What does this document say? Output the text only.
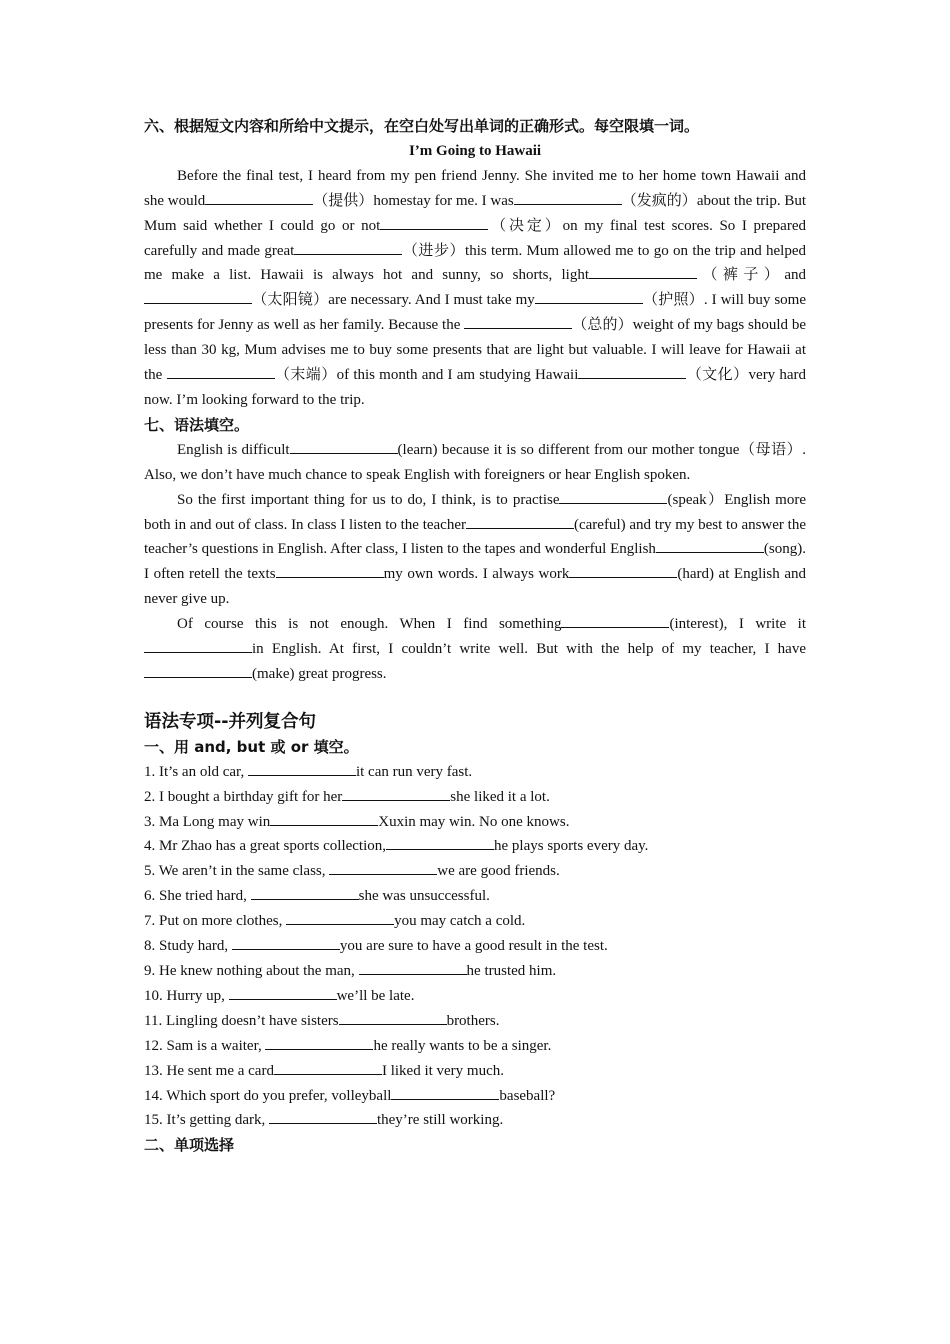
六、根据短文内容和所给中文提示，在空白处写出单词的正确形式。每空限填一词。
I’m Going to Hawaii

Before the final test, I heard from my pen friend Jenny. She invited me to her home town Hawaii and she would	（提供）homestay for me. I was	（发疯的）about the trip. But Mum said whether I could go or not	（决定）on my final test scores. So I prepared carefully and made great	（进步）this term. Mum allowed me to go on the trip and helped me make a list. Hawaii is always hot and sunny, so shorts, light	（裤子）and （太阳镜）are necessary. And I must take my	（护照）. I will buy some presents for Jenny as well as her family. Because the	（总的）weight of my bags should be less than 30 kg, Mum advises me to buy some presents that are light but valuable. I will leave for Hawaii at the	（末端）of this month and I am studying Hawaii	（文化）very hard now. I’m looking forward to the trip.

七、语法填空。

English is difficult	(learn) because it is so different from our mother tongue（母语）. Also, we don’t have much chance to speak English with foreigners or hear English spoken.

So the first important thing for us to do, I think, is to practise	(speak）English more both in and out of class. In class I listen to the teacher	(careful) and try my best to answer the teacher’s questions in English. After class, I listen to the tapes and wonderful English	(song). I often retell the texts	my own words. I always work	(hard) at English and never give up.

Of course this is not enough. When I find something	(interest), I write it in English. At first, I couldn’t write well. But with the help of my teacher, I have(make) great progress.

语法专项--并列复合句
一、用 and, but 或 or 填空。

1. It’s an old car,	it can run very fast.

2. I bought a birthday gift for her	she liked it a lot.

3. Ma Long may win	Xuxin may win. No one knows.

4. Mr Zhao has a great sports collection,	he plays sports every day.

5. We aren’t in the same class,	we are good friends.

6. She tried hard,	she was unsuccessful.

7. Put on more clothes,	you may catch a cold.

8. Study hard,	you are sure to have a good result in the test.

9. He knew nothing about the man,	he trusted him.

10. Hurry up,	we’ll be late.

11. Lingling doesn’t have sisters	brothers.

12. Sam is a waiter,	he really wants to be a singer.

13. He sent me a card	I liked it very much.

14. Which sport do you prefer, volleyball	baseball?

15. It’s getting dark,	they’re still working.

二、单项选择
